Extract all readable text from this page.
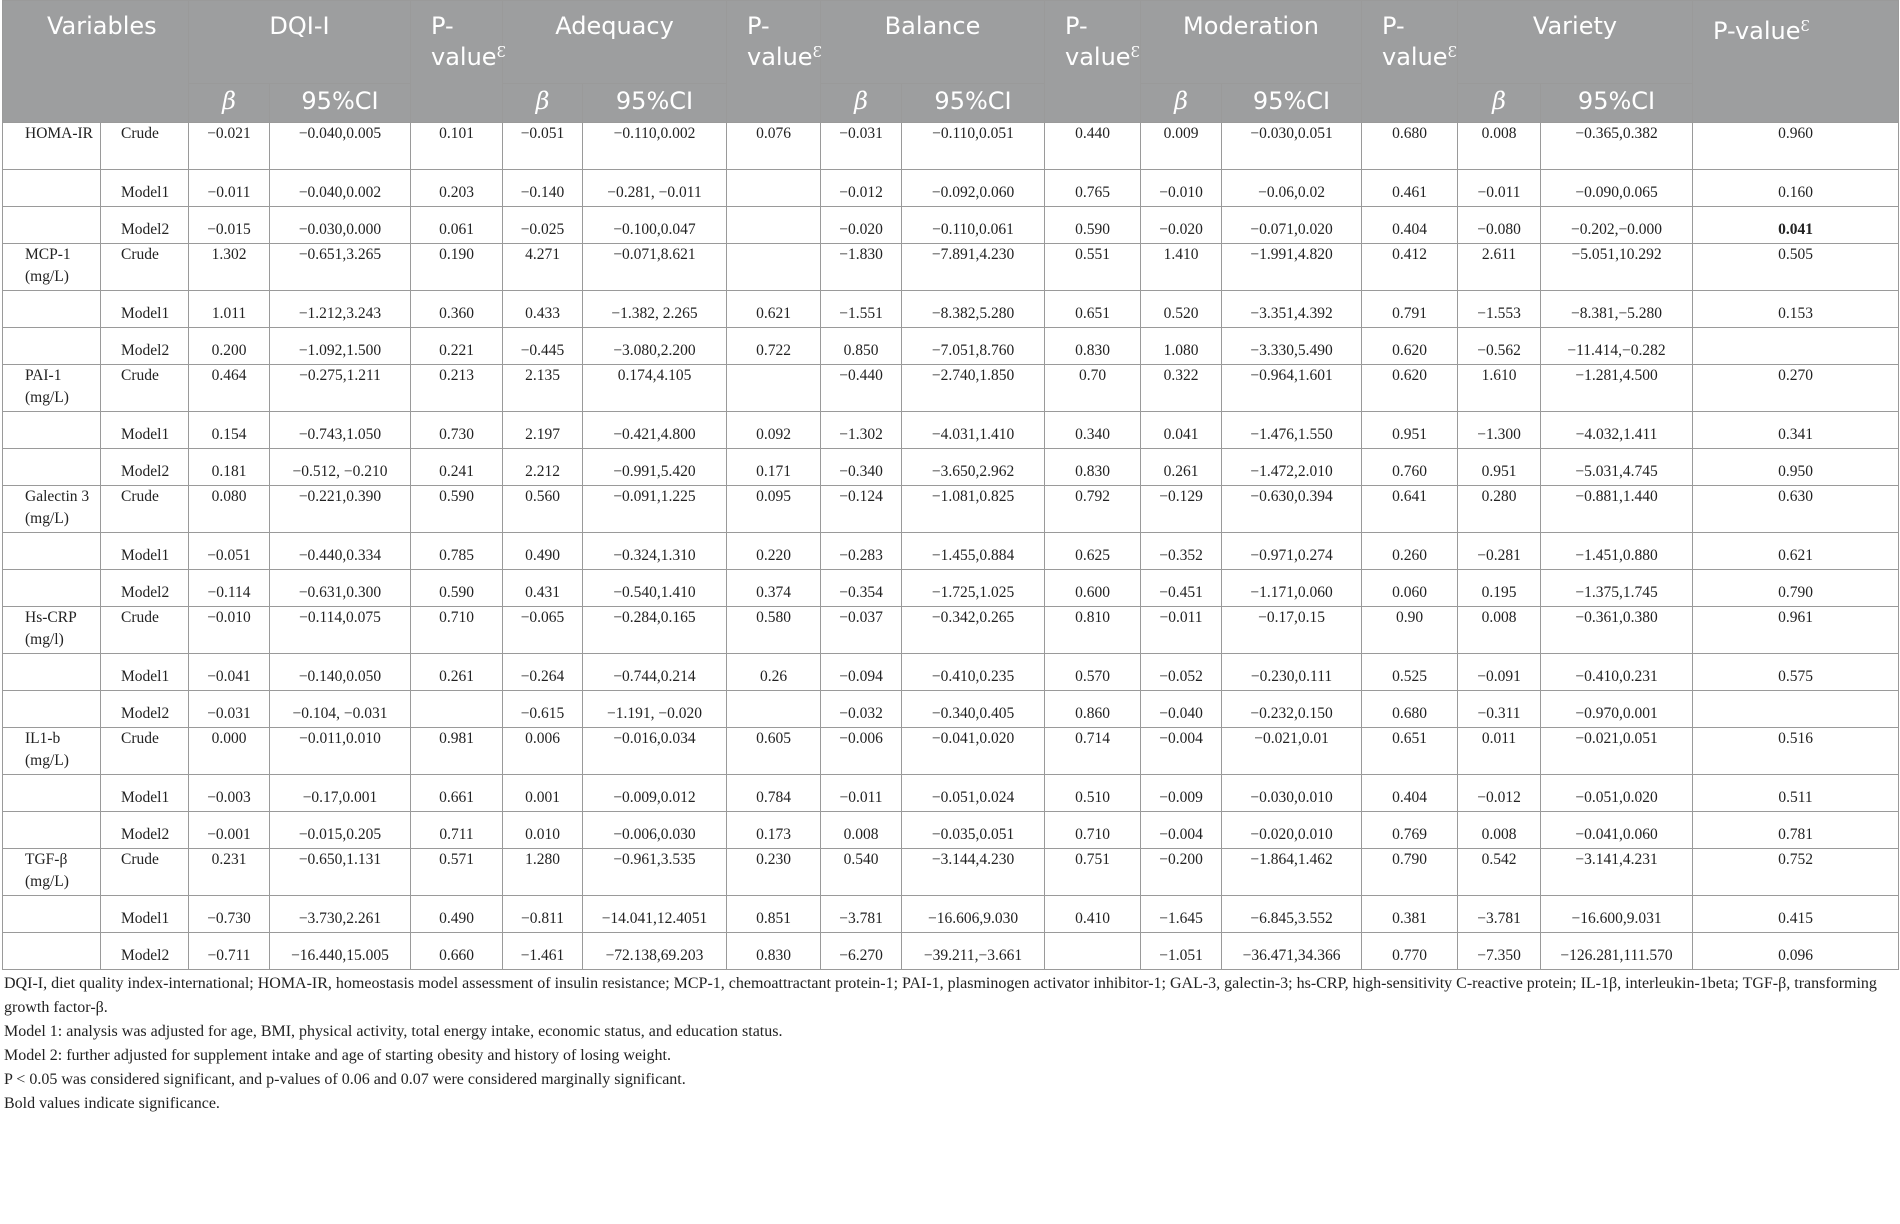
Variables		DQI-I		P-value$^Ɛ$	Adequacy		P-value$^Ɛ$	Balance		P-value$^Ɛ$	Moderation		P-value$^Ɛ$	Variety		P-value$^Ɛ$
		β	95%CI		β	95%CI		β	95%CI		β	95%CI		β	95%CI	
HOMA-IR	Crude	−0.021	−0.040,0.005	0.101	−0.051	−0.110,0.002	0.076	−0.031	−0.110,0.051	0.440	0.009	−0.030,0.051	0.680	0.008	−0.365,0.382	0.960
	Model1	−0.011	−0.040,0.002	0.203	−0.140	−0.281, −0.011		−0.012	−0.092,0.060	0.765	−0.010	−0.06,0.02	0.461	−0.011	−0.090,0.065	0.160
	Model2	−0.015	−0.030,0.000	0.061	−0.025	−0.100,0.047		−0.020	−0.110,0.061	0.590	−0.020	−0.071,0.020	0.404	−0.080	−0.202,−0.000	0.041
MCP-1 (mg/L)	Crude	1.302	−0.651,3.265	0.190	4.271	−0.071,8.621		−1.830	−7.891,4.230	0.551	1.410	−1.991,4.820	0.412	2.611	−5.051,10.292	0.505
	Model1	1.011	−1.212,3.243	0.360	0.433	−1.382, 2.265	0.621	−1.551	−8.382,5.280	0.651	0.520	−3.351,4.392	0.791	−1.553	−8.381,−5.280	0.153
	Model2	0.200	−1.092,1.500	0.221	−0.445	−3.080,2.200	0.722	0.850	−7.051,8.760	0.830	1.080	−3.330,5.490	0.620	−0.562	−11.414,−0.282	
PAI-1 (mg/L)	Crude	0.464	−0.275,1.211	0.213	2.135	0.174,4.105		−0.440	−2.740,1.850	0.70	0.322	−0.964,1.601	0.620	1.610	−1.281,4.500	0.270
	Model1	0.154	−0.743,1.050	0.730	2.197	−0.421,4.800	0.092	−1.302	−4.031,1.410	0.340	0.041	−1.476,1.550	0.951	−1.300	−4.032,1.411	0.341
	Model2	0.181	−0.512, −0.210	0.241	2.212	−0.991,5.420	0.171	−0.340	−3.650,2.962	0.830	0.261	−1.472,2.010	0.760	0.951	−5.031,4.745	0.950
Galectin 3 (mg/L)	Crude	0.080	−0.221,0.390	0.590	0.560	−0.091,1.225	0.095	−0.124	−1.081,0.825	0.792	−0.129	−0.630,0.394	0.641	0.280	−0.881,1.440	0.630
	Model1	−0.051	−0.440,0.334	0.785	0.490	−0.324,1.310	0.220	−0.283	−1.455,0.884	0.625	−0.352	−0.971,0.274	0.260	−0.281	−1.451,0.880	0.621
	Model2	−0.114	−0.631,0.300	0.590	0.431	−0.540,1.410	0.374	−0.354	−1.725,1.025	0.600	−0.451	−1.171,0.060	0.060	0.195	−1.375,1.745	0.790
Hs-CRP (mg/l)	Crude	−0.010	−0.114,0.075	0.710	−0.065	−0.284,0.165	0.580	−0.037	−0.342,0.265	0.810	−0.011	−0.17,0.15	0.90	0.008	−0.361,0.380	0.961
	Model1	−0.041	−0.140,0.050	0.261	−0.264	−0.744,0.214	0.26	−0.094	−0.410,0.235	0.570	−0.052	−0.230,0.111	0.525	−0.091	−0.410,0.231	0.575
	Model2	−0.031	−0.104, −0.031		−0.615	−1.191, −0.020		−0.032	−0.340,0.405	0.860	−0.040	−0.232,0.150	0.680	−0.311	−0.970,0.001	
IL1-b (mg/L)	Crude	0.000	−0.011,0.010	0.981	0.006	−0.016,0.034	0.605	−0.006	−0.041,0.020	0.714	−0.004	−0.021,0.01	0.651	0.011	−0.021,0.051	0.516
	Model1	−0.003	−0.17,0.001	0.661	0.001	−0.009,0.012	0.784	−0.011	−0.051,0.024	0.510	−0.009	−0.030,0.010	0.404	−0.012	−0.051,0.020	0.511
	Model2	−0.001	−0.015,0.205	0.711	0.010	−0.006,0.030	0.173	0.008	−0.035,0.051	0.710	−0.004	−0.020,0.010	0.769	0.008	−0.041,0.060	0.781
TGF-β (mg/L)	Crude	0.231	−0.650,1.131	0.571	1.280	−0.961,3.535	0.230	0.540	−3.144,4.230	0.751	−0.200	−1.864,1.462	0.790	0.542	−3.141,4.231	0.752
	Model1	−0.730	−3.730,2.261	0.490	−0.811	−14.041,12.4051	0.851	−3.781	−16.606,9.030	0.410	−1.645	−6.845,3.552	0.381	−3.781	−16.600,9.031	0.415
	Model2	−0.711	−16.440,15.005	0.660	−1.461	−72.138,69.203	0.830	−6.270	−39.211,−3.661		−1.051	−36.471,34.366	0.770	−7.350	−126.281,111.570	0.096

DQI-I, diet quality index-international; HOMA-IR, homeostasis model assessment of insulin resistance; MCP-1, chemoattractant protein-1; PAI-1, plasminogen activator inhibitor-1; GAL-3, galectin-3; hs-CRP, high-sensitivity C-reactive protein; IL-1β, interleukin-1beta; TGF-β, transforming growth factor-β.

Model 1: analysis was adjusted for age, BMI, physical activity, total energy intake, economic status, and education status.

Model 2: further adjusted for supplement intake and age of starting obesity and history of losing weight.

P < 0.05 was considered significant, and p-values of 0.06 and 0.07 were considered marginally significant.

Bold values indicate significance.
